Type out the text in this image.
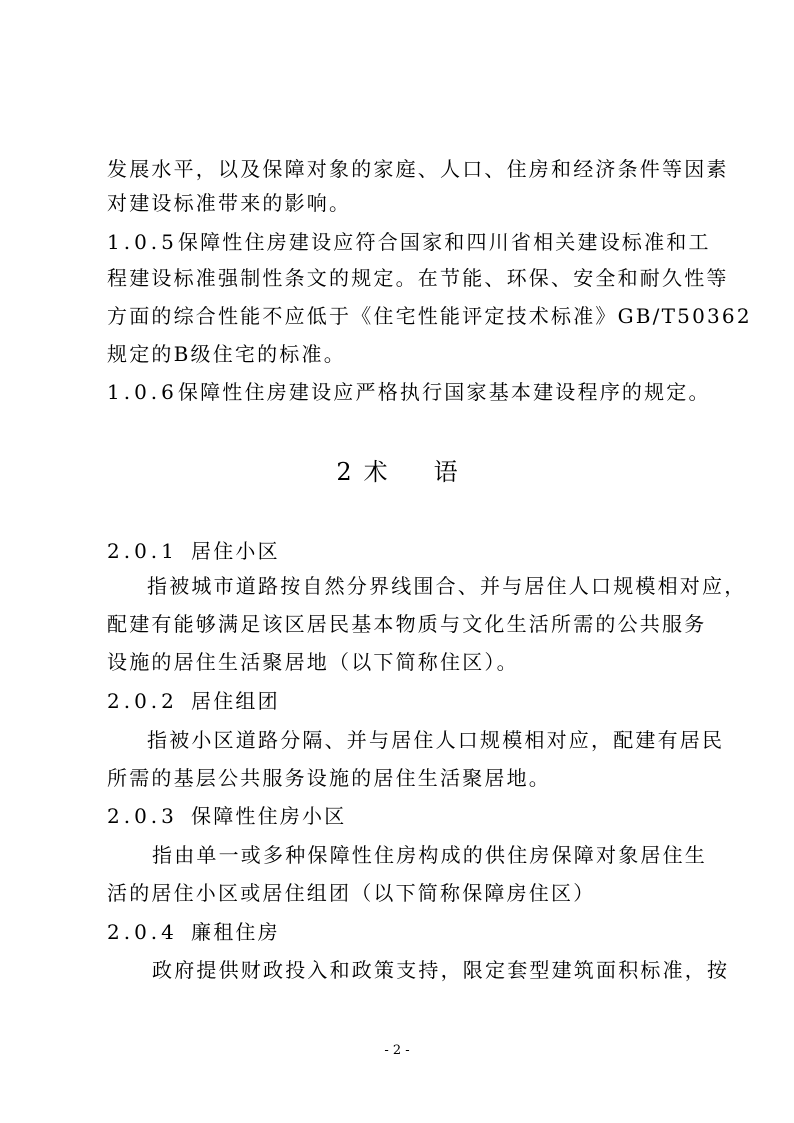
发展水平，以及保障对象的家庭、人口、住房和经济条件等因素
对建设标准带来的影响。
1.0.5保障性住房建设应符合国家和四川省相关建设标准和工
程建设标准强制性条文的规定。在节能、环保、安全和耐久性等
方面的综合性能不应低于《住宅性能评定技术标准》GB/T50362
规定的B级住宅的标准。
1.0.6保障性住房建设应严格执行国家基本建设程序的规定。
2 术 语
2.0.1 居住小区
指被城市道路按自然分界线围合、并与居住人口规模相对应，
配建有能够满足该区居民基本物质与文化生活所需的公共服务
设施的居住生活聚居地（以下简称住区）。
2.0.2 居住组团
指被小区道路分隔、并与居住人口规模相对应，配建有居民
所需的基层公共服务设施的居住生活聚居地。
2.0.3 保障性住房小区
指由单一或多种保障性住房构成的供住房保障对象居住生
活的居住小区或居住组团（以下简称保障房住区）
2.0.4 廉租住房
政府提供财政投入和政策支持，限定套型建筑面积标准，按
- 2 -
